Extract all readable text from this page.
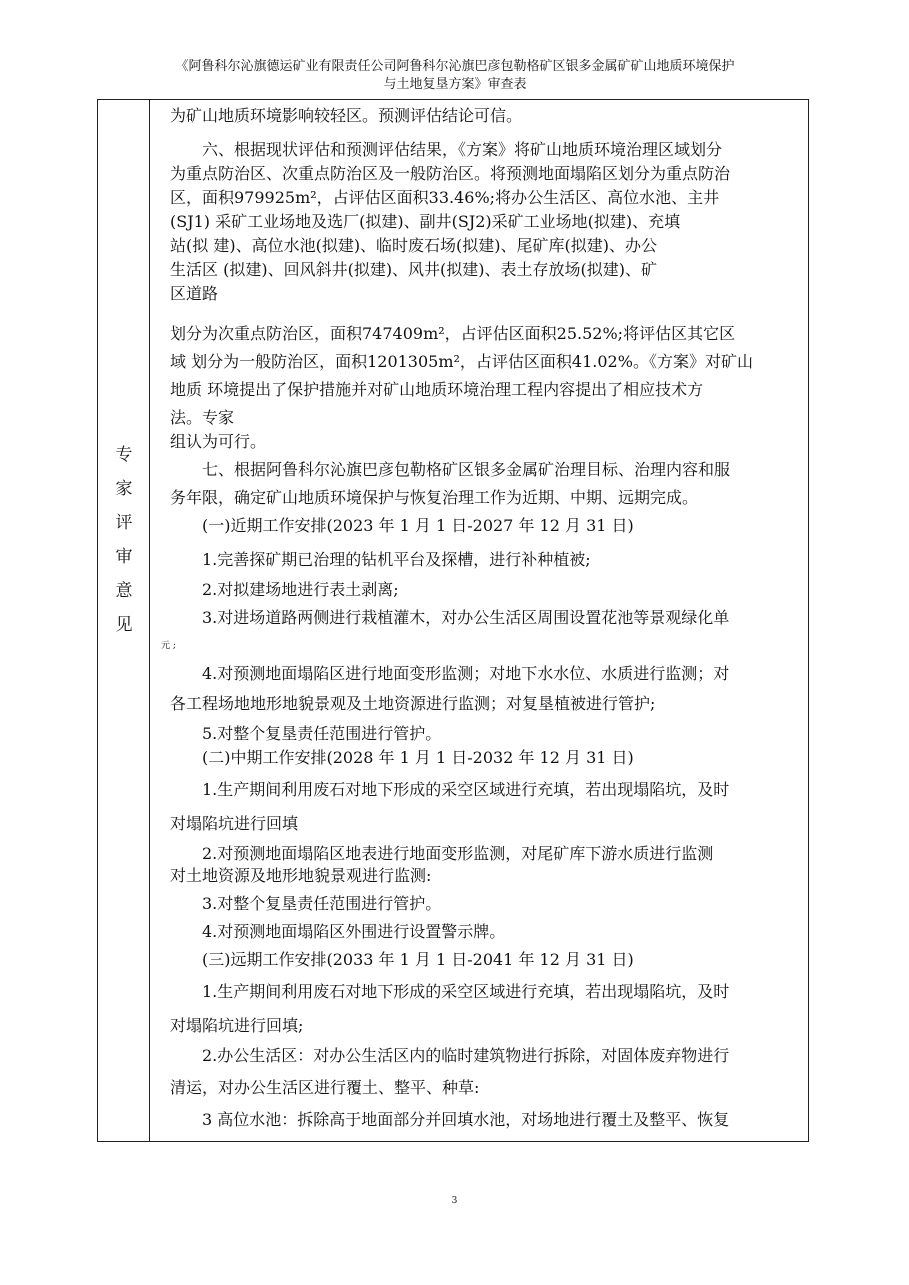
《阿鲁科尔沁旗德运矿业有限责任公司阿鲁科尔沁旗巴彦包勒格矿区银多金属矿矿山地质环境保护
与土地复垦方案》审查表
专
家
评
审
意
见
为矿山地质环境影响较轻区。预测评估结论可信。
六、根据现状评估和预测评估结果，《方案》将矿山地质环境治理区域划分
为重点防治区、次重点防治区及一般防治区。将预测地面塌陷区划分为重点防治
区，面积979925m²，占评估区面积33.46%;将办公生活区、高位水池、主井
(SJ1) 采矿工业场地及选厂(拟建)、副井(SJ2)采矿工业场地(拟建)、充填
站(拟 建)、高位水池(拟建)、临时废石场(拟建)、尾矿库(拟建)、办公
生活区 (拟建)、回风斜井(拟建)、风井(拟建)、表土存放场(拟建)、矿
区道路
划分为次重点防治区，面积747409m²，占评估区面积25.52%;将评估区其它区
域 划分为一般防治区，面积1201305m²，占评估区面积41.02%。《方案》对矿山
地质 环境提出了保护措施并对矿山地质环境治理工程内容提出了相应技术方
法。专家
组认为可行。
七、根据阿鲁科尔沁旗巴彦包勒格矿区银多金属矿治理目标、治理内容和服
务年限，确定矿山地质环境保护与恢复治理工作为近期、中期、远期完成。
(一)近期工作安排(2023 年 1 月 1 日-2027 年 12 月 31 日)
1.完善探矿期已治理的钻机平台及探槽，进行补种植被;
2.对拟建场地进行表土剥离;
3.对进场道路两侧进行栽植灌木，对办公生活区周围设置花池等景观绿化单
元 ;
4.对预测地面塌陷区进行地面变形监测；对地下水水位、水质进行监测；对
各工程场地地形地貌景观及土地资源进行监测；对复垦植被进行管护;
5.对整个复垦责任范围进行管护。
(二)中期工作安排(2028 年 1 月 1 日-2032 年 12 月 31 日)
1.生产期间利用废石对地下形成的采空区域进行充填，若出现塌陷坑，及时
对塌陷坑进行回填
2.对预测地面塌陷区地表进行地面变形监测，对尾矿库下游水质进行监测
对土地资源及地形地貌景观进行监测:
3.对整个复垦责任范围进行管护。
4.对预测地面塌陷区外围进行设置警示牌。
(三)远期工作安排(2033 年 1 月 1 日-2041 年 12 月 31 日)
1.生产期间利用废石对地下形成的采空区域进行充填，若出现塌陷坑，及时
对塌陷坑进行回填;
2.办公生活区：对办公生活区内的临时建筑物进行拆除，对固体废弃物进行
清运，对办公生活区进行覆土、整平、种草:
3 高位水池：拆除高于地面部分并回填水池，对场地进行覆土及整平、恢复
3
